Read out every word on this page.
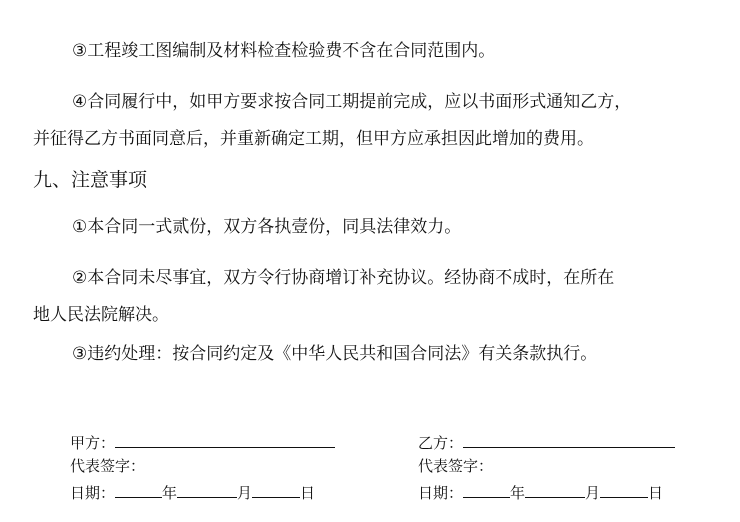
③工程竣工图编制及材料检查检验费不含在合同范围内。
④合同履行中，如甲方要求按合同工期提前完成，应以书面形式通知乙方，
并征得乙方书面同意后，并重新确定工期，但甲方应承担因此增加的费用。
九、注意事项
①本合同一式贰份，双方各执壹份，同具法律效力。
②本合同未尽事宜，双方令行协商增订补充协议。经协商不成时，在所在
地人民法院解决。
③违约处理：按合同约定及《中华人民共和国合同法》有关条款执行。
甲方：
代表签字：
日期：	年	月	日
乙方：
代表签字：
日期：	年	月	日
